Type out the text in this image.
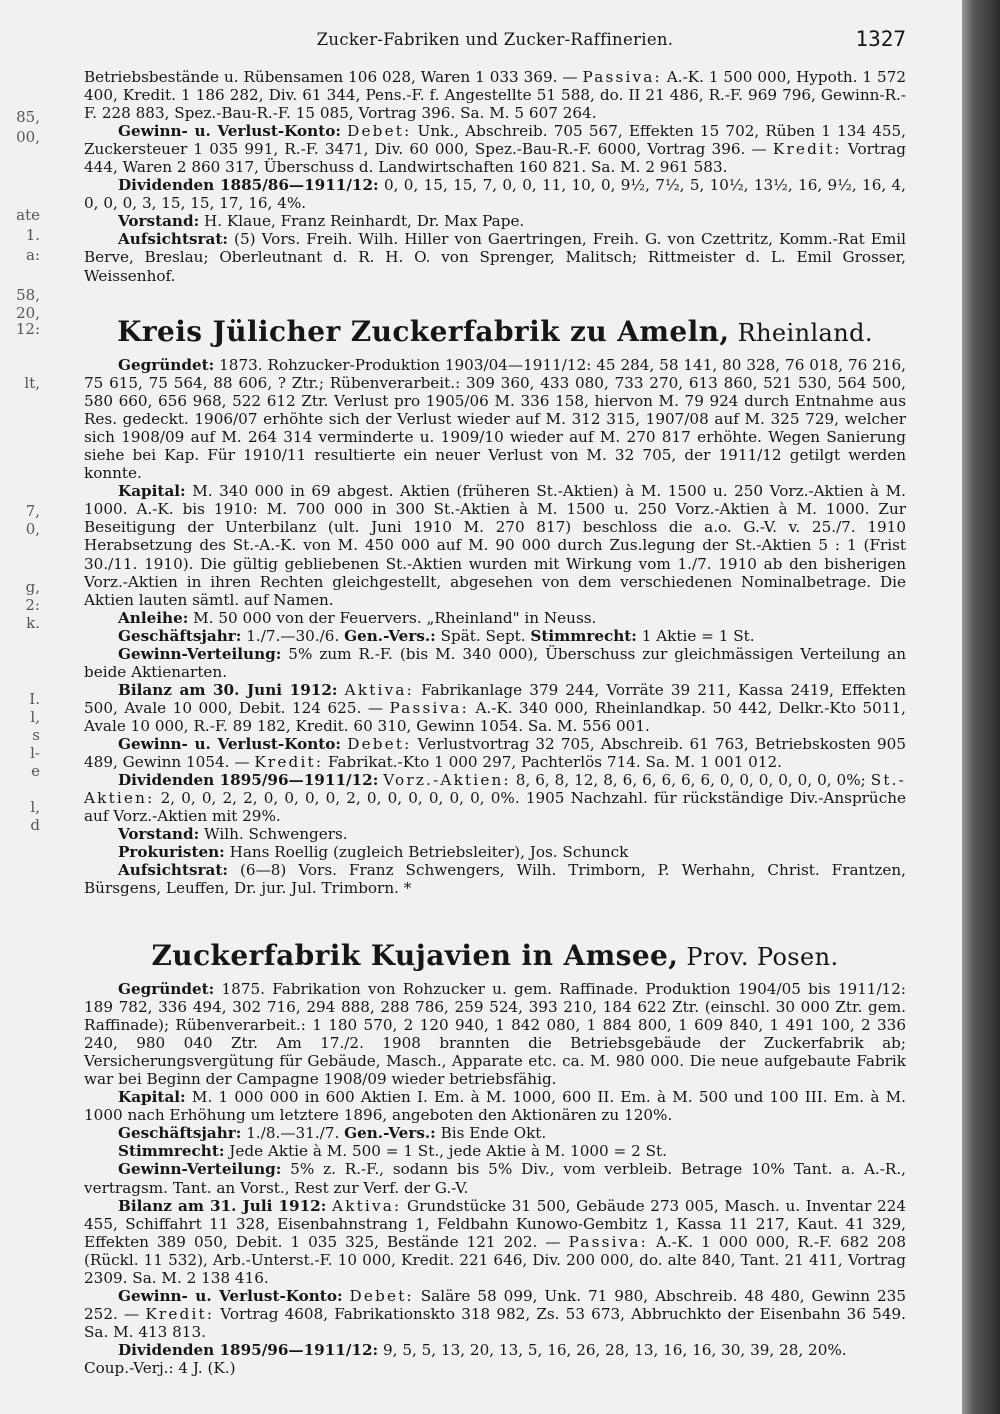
85,
00,
ate
1.
a:
58,
20,
12:
lt,
7,
0,
g,
2:
k.
I.
l,
s
l-
e
l,
d
Zucker-Fabriken und Zucker-Raffinerien.	1327

Betriebsbestände u. Rübensamen 106 028, Waren 1 033 369. — Passiva: A.-K. 1 500 000, Hypoth. 1 572 400, Kredit. 1 186 282, Div. 61 344, Pens.-F. f. Angestellte 51 588, do. II 21 486, R.-F. 969 796, Gewinn-R.-F. 228 883, Spez.-Bau-R.-F. 15 085, Vortrag 396. Sa. M. 5 607 264.

Gewinn- u. Verlust-Konto: Debet: Unk., Abschreib. 705 567, Effekten 15 702, Rüben 1 134 455, Zuckersteuer 1 035 991, R.-F. 3471, Div. 60 000, Spez.-Bau-R.-F. 6000, Vortrag 396. — Kredit: Vortrag 444, Waren 2 860 317, Überschuss d. Landwirtschaften 160 821. Sa. M. 2 961 583.

Dividenden 1885/86—1911/12: 0, 0, 15, 15, 7, 0, 0, 11, 10, 0, 9½, 7½, 5, 10½, 13½, 16, 9½, 16, 4, 0, 0, 0, 3, 15, 15, 17, 16, 4%.

Vorstand: H. Klaue, Franz Reinhardt, Dr. Max Pape.

Aufsichtsrat: (5) Vors. Freih. Wilh. Hiller von Gaertringen, Freih. G. von Czettritz, Komm.-Rat Emil Berve, Breslau; Oberleutnant d. R. H. O. von Sprenger, Malitsch; Rittmeister d. L. Emil Grosser, Weissenhof.

Kreis Jülicher Zuckerfabrik zu Ameln, Rheinland.

Gegründet: 1873. Rohzucker-Produktion 1903/04—1911/12: 45 284, 58 141, 80 328, 76 018, 76 216, 75 615, 75 564, 88 606, ? Ztr.; Rübenverarbeit.: 309 360, 433 080, 733 270, 613 860, 521 530, 564 500, 580 660, 656 968, 522 612 Ztr. Verlust pro 1905/06 M. 336 158, hiervon M. 79 924 durch Entnahme aus Res. gedeckt. 1906/07 erhöhte sich der Verlust wieder auf M. 312 315, 1907/08 auf M. 325 729, welcher sich 1908/09 auf M. 264 314 verminderte u. 1909/10 wieder auf M. 270 817 erhöhte. Wegen Sanierung siehe bei Kap. Für 1910/11 resultierte ein neuer Verlust von M. 32 705, der 1911/12 getilgt werden konnte.

Kapital: M. 340 000 in 69 abgest. Aktien (früheren St.-Aktien) à M. 1500 u. 250 Vorz.-Aktien à M. 1000. A.-K. bis 1910: M. 700 000 in 300 St.-Aktien à M. 1500 u. 250 Vorz.-Aktien à M. 1000. Zur Beseitigung der Unterbilanz (ult. Juni 1910 M. 270 817) beschloss die a.o. G.-V. v. 25./7. 1910 Herabsetzung des St.-A.-K. von M. 450 000 auf M. 90 000 durch Zus.legung der St.-Aktien 5 : 1 (Frist 30./11. 1910). Die gültig gebliebenen St.-Aktien wurden mit Wirkung vom 1./7. 1910 ab den bisherigen Vorz.-Aktien in ihren Rechten gleichgestellt, abgesehen von dem verschiedenen Nominalbetrage. Die Aktien lauten sämtl. auf Namen.

Anleihe: M. 50 000 von der Feuervers. „Rheinland" in Neuss.

Geschäftsjahr: 1./7.—30./6. Gen.-Vers.: Spät. Sept. Stimmrecht: 1 Aktie = 1 St.

Gewinn-Verteilung: 5% zum R.-F. (bis M. 340 000), Überschuss zur gleichmässigen Verteilung an beide Aktienarten.

Bilanz am 30. Juni 1912: Aktiva: Fabrikanlage 379 244, Vorräte 39 211, Kassa 2419, Effekten 500, Avale 10 000, Debit. 124 625. — Passiva: A.-K. 340 000, Rheinlandkap. 50 442, Delkr.-Kto 5011, Avale 10 000, R.-F. 89 182, Kredit. 60 310, Gewinn 1054. Sa. M. 556 001.

Gewinn- u. Verlust-Konto: Debet: Verlustvortrag 32 705, Abschreib. 61 763, Betriebskosten 905 489, Gewinn 1054. — Kredit: Fabrikat.-Kto 1 000 297, Pachterlös 714. Sa. M. 1 001 012.

Dividenden 1895/96—1911/12: Vorz.-Aktien: 8, 6, 8, 12, 8, 6, 6, 6, 6, 6, 0, 0, 0, 0, 0, 0, 0%; St.-Aktien: 2, 0, 0, 2, 2, 0, 0, 0, 0, 2, 0, 0, 0, 0, 0, 0, 0%. 1905 Nachzahl. für rückständige Div.-Ansprüche auf Vorz.-Aktien mit 29%.

Vorstand: Wilh. Schwengers.

Prokuristen: Hans Roellig (zugleich Betriebsleiter), Jos. Schunck

Aufsichtsrat: (6—8) Vors. Franz Schwengers, Wilh. Trimborn, P. Werhahn, Christ. Frantzen, Bürsgens, Leuffen, Dr. jur. Jul. Trimborn. *

Zuckerfabrik Kujavien in Amsee, Prov. Posen.

Gegründet: 1875. Fabrikation von Rohzucker u. gem. Raffinade. Produktion 1904/05 bis 1911/12: 189 782, 336 494, 302 716, 294 888, 288 786, 259 524, 393 210, 184 622 Ztr. (einschl. 30 000 Ztr. gem. Raffinade); Rübenverarbeit.: 1 180 570, 2 120 940, 1 842 080, 1 884 800, 1 609 840, 1 491 100, 2 336 240, 980 040 Ztr. Am 17./2. 1908 brannten die Betriebsgebäude der Zuckerfabrik ab; Versicherungsvergütung für Gebäude, Masch., Apparate etc. ca. M. 980 000. Die neue aufgebaute Fabrik war bei Beginn der Campagne 1908/09 wieder betriebsfähig.

Kapital: M. 1 000 000 in 600 Aktien I. Em. à M. 1000, 600 II. Em. à M. 500 und 100 III. Em. à M. 1000 nach Erhöhung um letztere 1896, angeboten den Aktionären zu 120%.

Geschäftsjahr: 1./8.—31./7. Gen.-Vers.: Bis Ende Okt.

Stimmrecht: Jede Aktie à M. 500 = 1 St., jede Aktie à M. 1000 = 2 St.

Gewinn-Verteilung: 5% z. R.-F., sodann bis 5% Div., vom verbleib. Betrage 10% Tant. a. A.-R., vertragsm. Tant. an Vorst., Rest zur Verf. der G.-V.

Bilanz am 31. Juli 1912: Aktiva: Grundstücke 31 500, Gebäude 273 005, Masch. u. Inventar 224 455, Schiffahrt 11 328, Eisenbahnstrang 1, Feldbahn Kunowo-Gembitz 1, Kassa 11 217, Kaut. 41 329, Effekten 389 050, Debit. 1 035 325, Bestände 121 202. — Passiva: A.-K. 1 000 000, R.-F. 682 208 (Rückl. 11 532), Arb.-Unterst.-F. 10 000, Kredit. 221 646, Div. 200 000, do. alte 840, Tant. 21 411, Vortrag 2309. Sa. M. 2 138 416.

Gewinn- u. Verlust-Konto: Debet: Saläre 58 099, Unk. 71 980, Abschreib. 48 480, Gewinn 235 252. — Kredit: Vortrag 4608, Fabrikationskto 318 982, Zs. 53 673, Abbruchkto der Eisenbahn 36 549. Sa. M. 413 813.

Dividenden 1895/96—1911/12: 9, 5, 5, 13, 20, 13, 5, 16, 26, 28, 13, 16, 16, 30, 39, 28, 20%.

Coup.-Verj.: 4 J. (K.)
